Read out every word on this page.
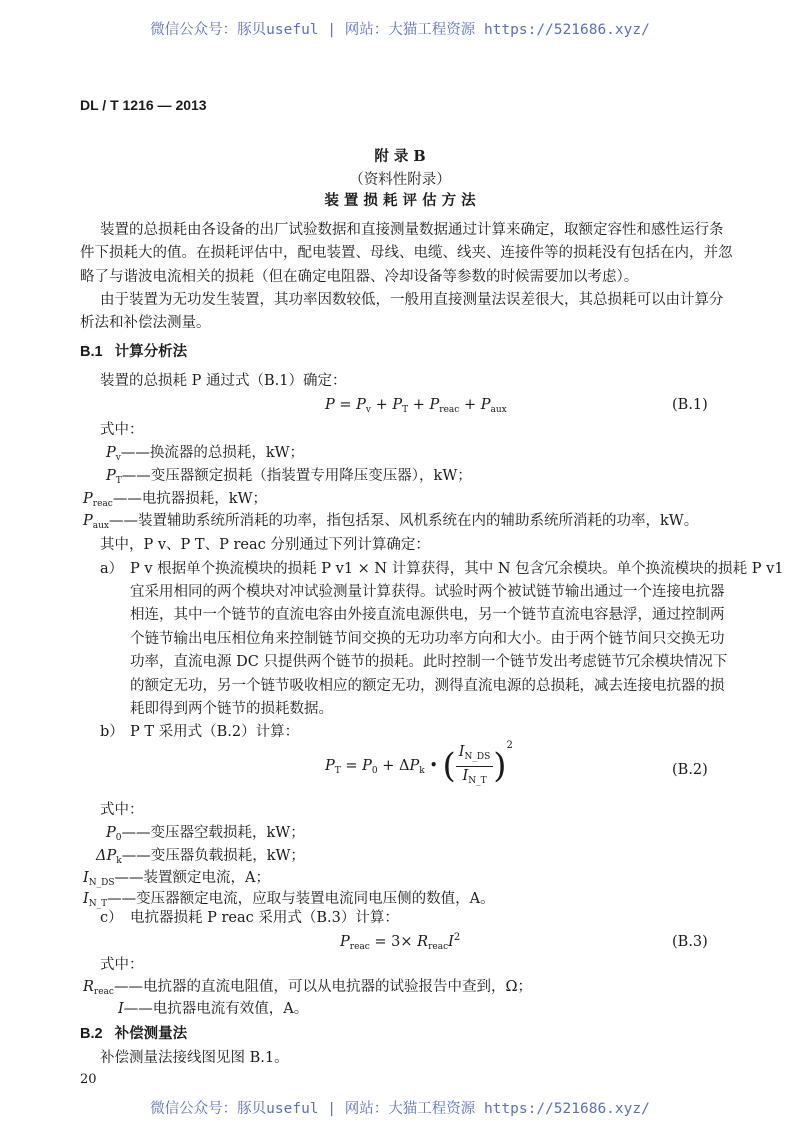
微信公众号：豚贝useful | 网站：大猫工程资源 https://521686.xyz/
DL / T 1216 — 2013
附 录 B
（资料性附录）
装 置 损 耗 评 估 方 法
装置的总损耗由各设备的出厂试验数据和直接测量数据通过计算来确定，取额定容性和感性运行条
件下损耗大的值。在损耗评估中，配电装置、母线、电缆、线夹、连接件等的损耗没有包括在内，并忽
略了与谐波电流相关的损耗（但在确定电阻器、冷却设备等参数的时候需要加以考虑）。
由于装置为无功发生装置，其功率因数较低，一般用直接测量法误差很大，其总损耗可以由计算分
析法和补偿法测量。
B.1 计算分析法
装置的总损耗 P 通过式（B.1）确定：
$P = P_v + P_T + P_{reac} + P_{aux}$	(B.1)
式中：
$P_v——$换流器的总损耗，kW；
$P_T——$变压器额定损耗（指装置专用降压变压器），kW；
$P_{reac}——$电抗器损耗，kW；
$P_{aux}——$装置辅助系统所消耗的功率，指包括泵、风机系统在内的辅助系统所消耗的功率，kW。
其中，P v、P T、P reac 分别通过下列计算确定：
a） P v 根据单个换流模块的损耗 P v1 × N 计算获得，其中 N 包含冗余模块。单个换流模块的损耗 P v1
宜采用相同的两个模块对冲试验测量计算获得。试验时两个被试链节输出通过一个连接电抗器
相连，其中一个链节的直流电容由外接直流电源供电，另一个链节直流电容悬浮，通过控制两
个链节输出电压相位角来控制链节间交换的无功功率方向和大小。由于两个链节间只交换无功
功率，直流电源 DC 只提供两个链节的损耗。此时控制一个链节发出考虑链节冗余模块情况下
的额定无功，另一个链节吸收相应的额定无功，测得直流电源的总损耗，减去连接电抗器的损
耗即得到两个链节的损耗数据。
b） P T 采用式（B.2）计算：
$P_T = P_0 + \Delta P_k$ • ( $\frac{I_{N\_DS}}{I_{N\_T}} )^2$
(B.2)
式中：
$P_0——$变压器空载损耗，kW；
$\Delta P_k——$变压器负载损耗，kW；
$I_{N\_DS}——$装置额定电流，A；
$I_{N\_T}——$变压器额定电流，应取与装置电流同电压侧的数值，A。
c） 电抗器损耗 P reac 采用式（B.3）计算：
$P_{reac} = 3\times R_{reac}I^2$	(B.3)
式中：
$R_{reac}——$电抗器的直流电阻值，可以从电抗器的试验报告中查到，Ω；
I——电抗器电流有效值，A。
B.2 补偿测量法
补偿测量法接线图见图 B.1。
20
微信公众号：豚贝useful | 网站：大猫工程资源 https://521686.xyz/
